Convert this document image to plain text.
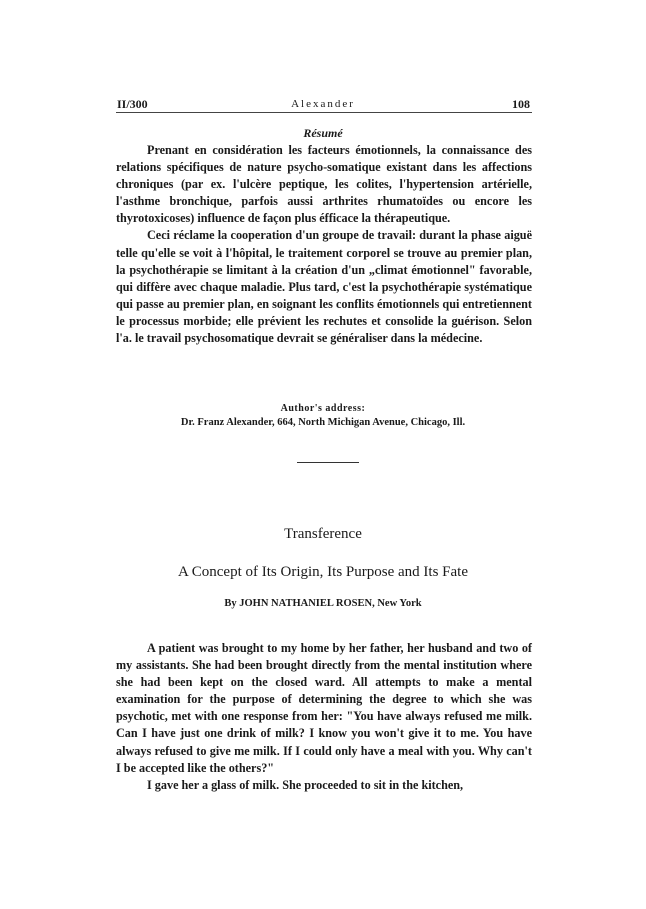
II/300	Alexander	108
Résumé

Prenant en considération les facteurs émotionnels, la connaissance des relations spécifiques de nature psycho-somatique existant dans les affections chroniques (par ex. l'ulcère peptique, les colites, l'hypertension artérielle, l'asthme bronchique, parfois aussi arthrites rhumatoïdes ou encore les thyrotoxicoses) influence de façon plus éfficace la thérapeutique.

Ceci réclame la cooperation d'un groupe de travail: durant la phase aiguë telle qu'elle se voit à l'hôpital, le traitement corporel se trouve au premier plan, la psychothérapie se limitant à la création d'un „climat émotionnel" favorable, qui diffère avec chaque maladie. Plus tard, c'est la psychothérapie systématique qui passe au premier plan, en soignant les conflits émotionnels qui entretiennent le processus morbide; elle prévient les rechutes et consolide la guérison. Selon l'a. le travail psychosomatique devrait se généraliser dans la médecine.

Author's address:
Dr. Franz Alexander, 664, North Michigan Avenue, Chicago, Ill.
Transference
A Concept of Its Origin, Its Purpose and Its Fate
By JOHN NATHANIEL ROSEN, New York

A patient was brought to my home by her father, her husband and two of my assistants. She had been brought directly from the mental institution where she had been kept on the closed ward. All attempts to make a mental examination for the purpose of determining the degree to which she was psychotic, met with one response from her: "You have always refused me milk. Can I have just one drink of milk? I know you won't give it to me. You have always refused to give me milk. If I could only have a meal with you. Why can't I be accepted like the others?"

I gave her a glass of milk. She proceeded to sit in the kitchen,
